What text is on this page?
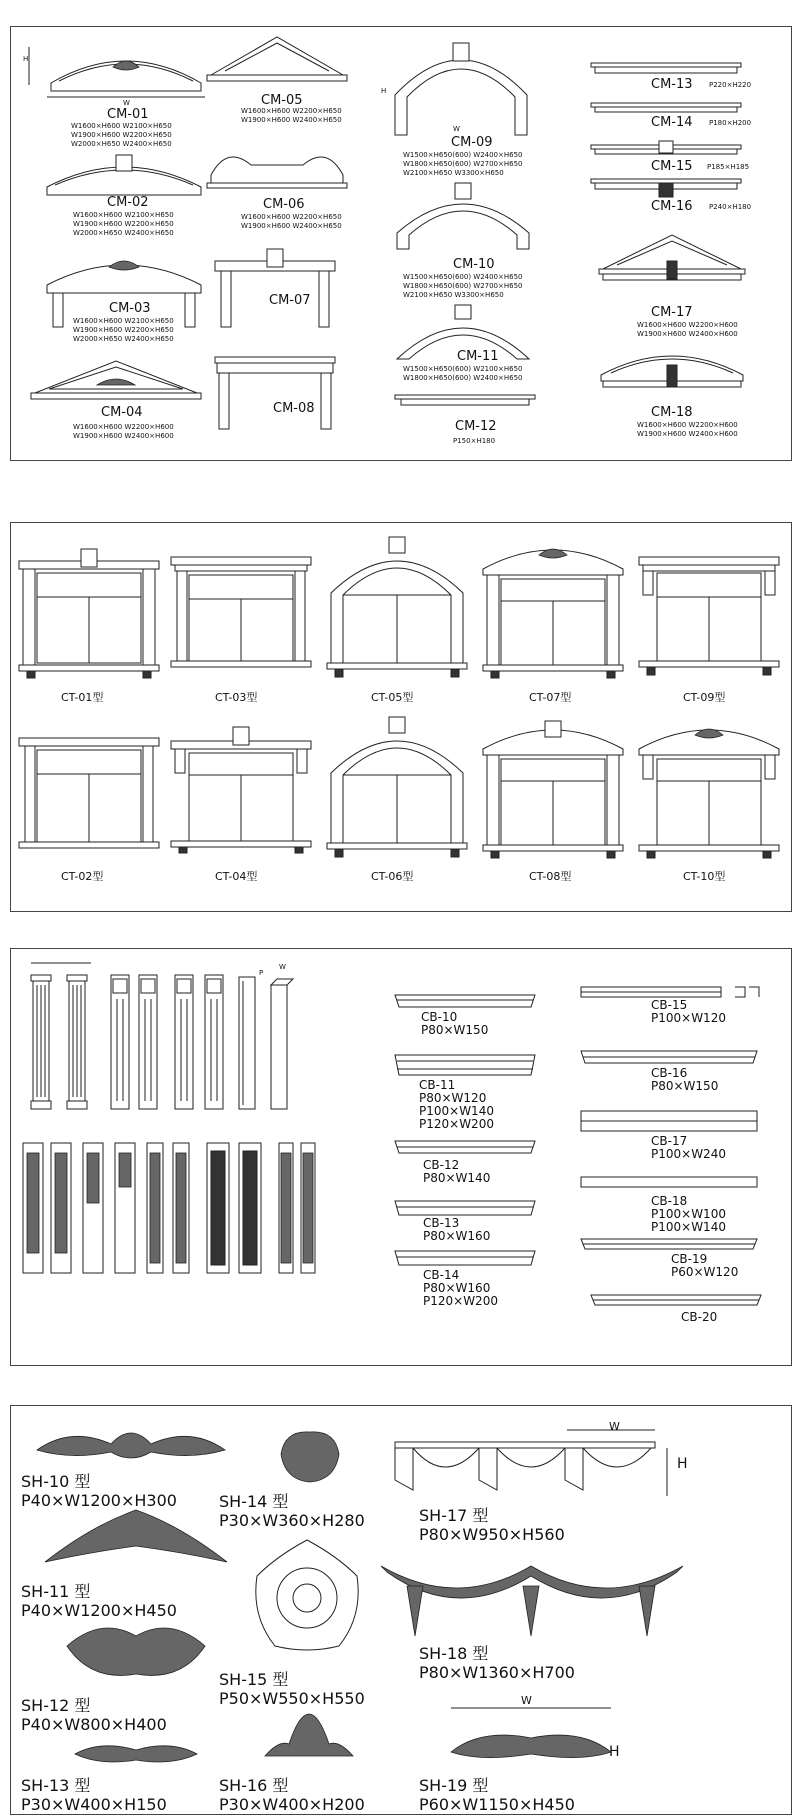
H
W
CM-01
W1600×H600 W2100×H650
W1900×H600 W2200×H650
W2000×H650 W2400×H650
CM-02
W1600×H600 W2100×H650
W1900×H600 W2200×H650
W2000×H650 W2400×H650
CM-03
W1600×H600 W2100×H650
W1900×H600 W2200×H650
W2000×H650 W2400×H650
CM-04
W1600×H600 W2200×H600
W1900×H600 W2400×H600
CM-05
W1600×H600 W2200×H650
W1900×H600 W2400×H650
CM-06
W1600×H600 W2200×H650
W1900×H600 W2400×H650
CM-07
CM-08
H
W
CM-09
W1500×H650(600) W2400×H650
W1800×H650(600) W2700×H650
W2100×H650 W3300×H650
CM-10
W1500×H650(600) W2400×H650
W1800×H650(600) W2700×H650
W2100×H650 W3300×H650
CM-11
W1500×H650(600) W2100×H650
W1800×H650(600) W2400×H650
CM-12
P150×H180
CM-13 P220×H220
CM-14 P180×H200
CM-15 P185×H185
CM-16 P240×H180
CM-17
W1600×H600 W2200×H600
W1900×H600 W2400×H600
CM-18
W1600×H600 W2200×H600
W1900×H600 W2400×H600
CT-01型	CT-03型	CT-05型	CT-07型	CT-09型
CT-02型	CT-04型	CT-06型	CT-08型	CT-10型
P
W
CB-10
P80×W150
CB-11
P80×W120
P100×W140
P120×W200
CB-12
P80×W140
CB-13
P80×W160
CB-14
P80×W160
P120×W200
CB-15
P100×W120
CB-16
P80×W150
CB-17
P100×W240
CB-18
P100×W100
P100×W140
CB-19
P60×W120
CB-20
SH-10 型P40×W1200×H300
SH-11 型P40×W1200×H450
SH-12 型P40×W800×H400
SH-13 型P30×W400×H150
SH-14 型P30×W360×H280
SH-15 型P50×W550×H550
SH-16 型P30×W400×H200
W
H
SH-17 型P80×W950×H560
SH-18 型P80×W1360×H700
W
H
SH-19 型P60×W1150×H450
